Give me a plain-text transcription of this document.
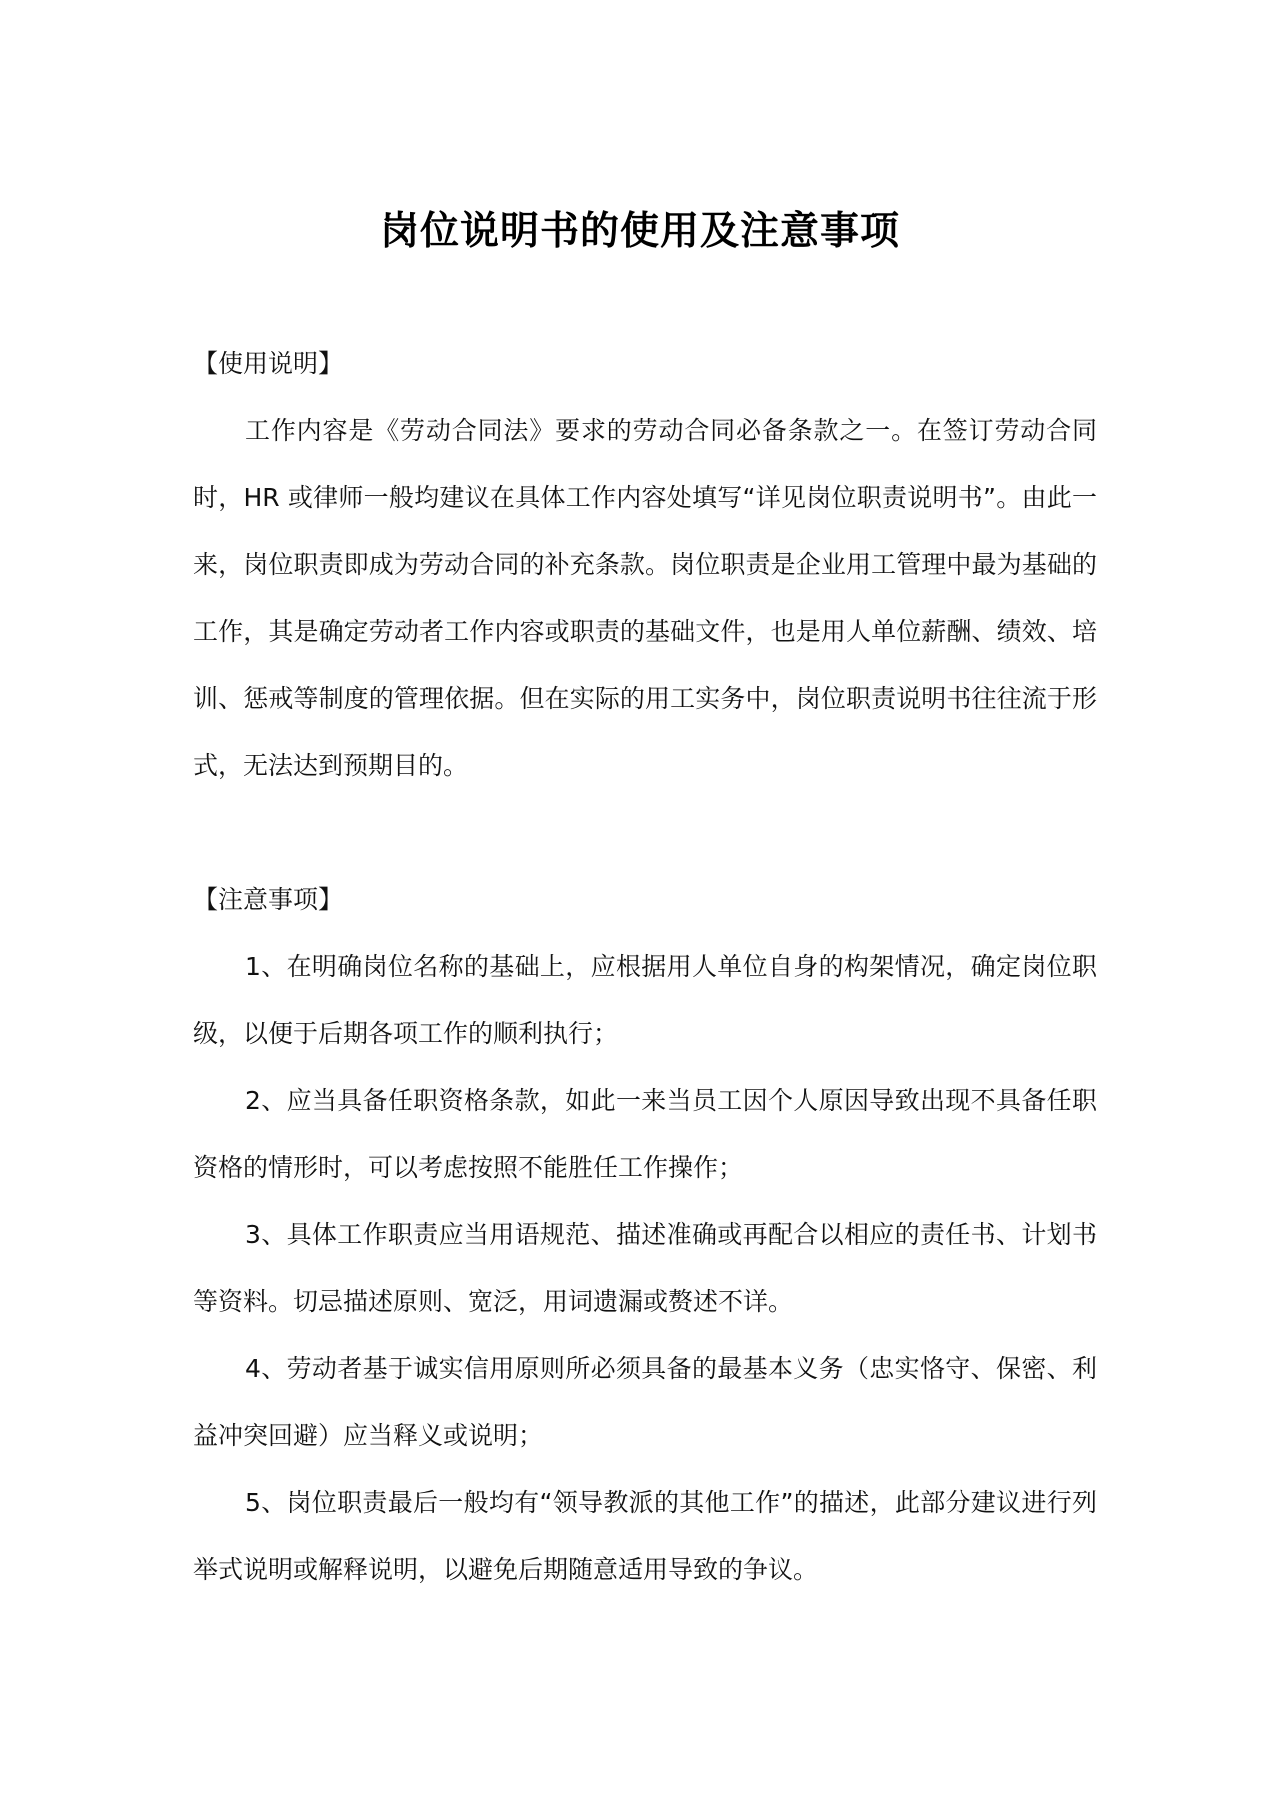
岗位说明书的使用及注意事项
【使用说明】

工作内容是《劳动合同法》要求的劳动合同必备条款之一。在签订劳动合同时，HR 或律师一般均建议在具体工作内容处填写“详见岗位职责说明书”。由此一来，岗位职责即成为劳动合同的补充条款。岗位职责是企业用工管理中最为基础的工作，其是确定劳动者工作内容或职责的基础文件，也是用人单位薪酬、绩效、培训、惩戒等制度的管理依据。但在实际的用工实务中，岗位职责说明书往往流于形式，无法达到预期目的。

【注意事项】

1、在明确岗位名称的基础上，应根据用人单位自身的构架情况，确定岗位职级，以便于后期各项工作的顺利执行；

2、应当具备任职资格条款，如此一来当员工因个人原因导致出现不具备任职资格的情形时，可以考虑按照不能胜任工作操作；

3、具体工作职责应当用语规范、描述准确或再配合以相应的责任书、计划书等资料。切忌描述原则、宽泛，用词遗漏或赘述不详。

4、劳动者基于诚实信用原则所必须具备的最基本义务（忠实恪守、保密、利益冲突回避）应当释义或说明；

5、岗位职责最后一般均有“领导教派的其他工作”的描述，此部分建议进行列举式说明或解释说明，以避免后期随意适用导致的争议。
